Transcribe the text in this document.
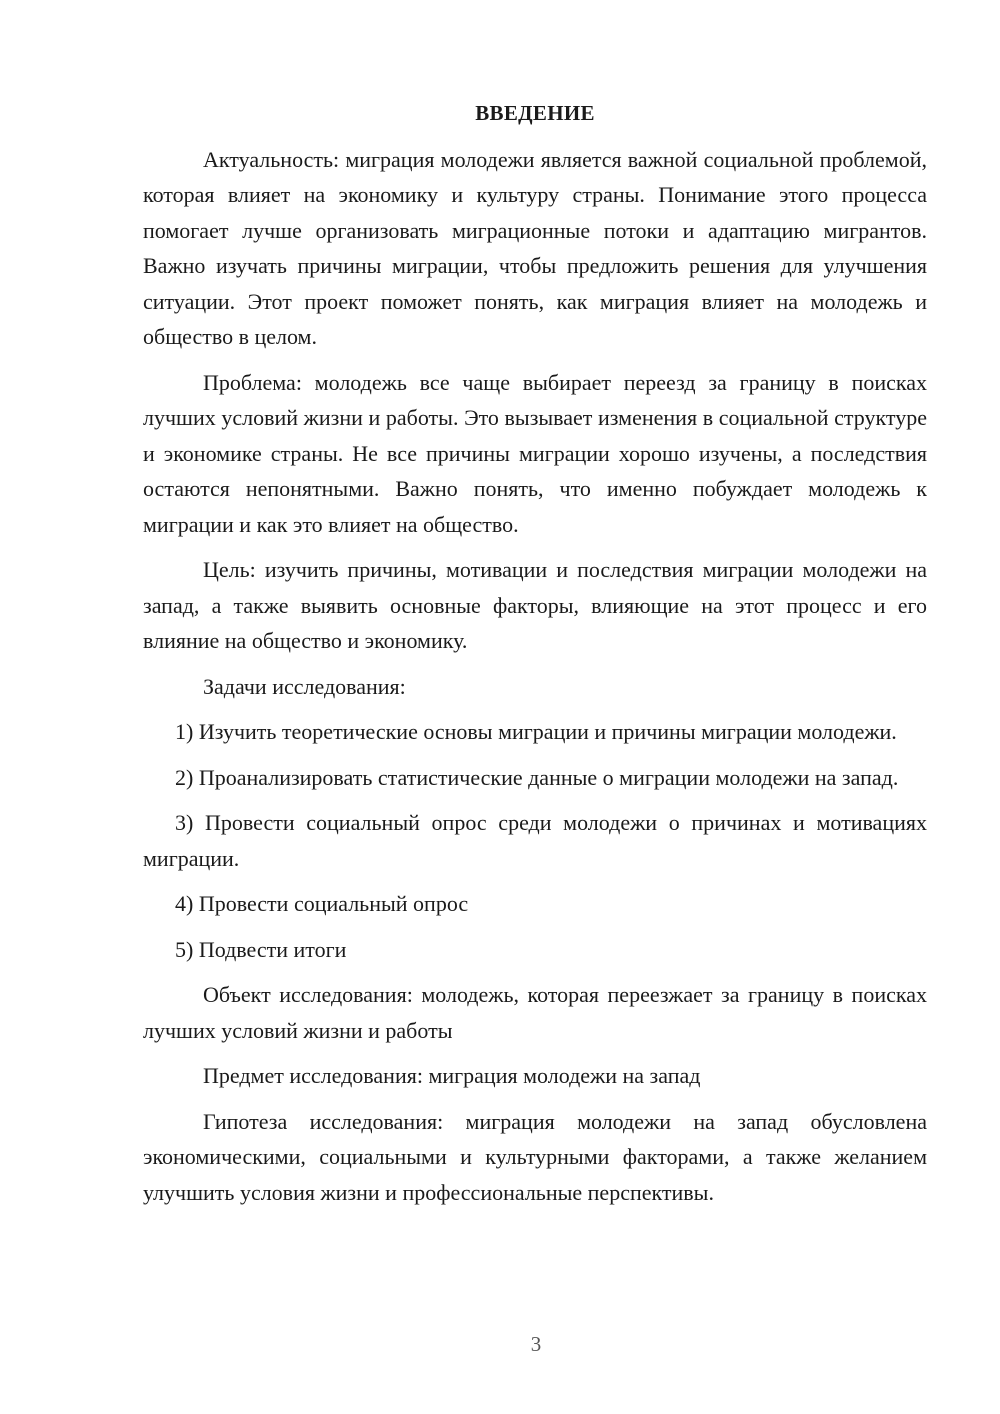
ВВЕДЕНИЕ

Актуальность: миграция молодежи является важной социальной проблемой, которая влияет на экономику и культуру страны. Понимание этого процесса помогает лучше организовать миграционные потоки и адаптацию мигрантов. Важно изучать причины миграции, чтобы предложить решения для улучшения ситуации. Этот проект поможет понять, как миграция влияет на молодежь и общество в целом.

Проблема: молодежь все чаще выбирает переезд за границу в поисках лучших условий жизни и работы. Это вызывает изменения в социальной структуре и экономике страны. Не все причины миграции хорошо изучены, а последствия остаются непонятными. Важно понять, что именно побуждает молодежь к миграции и как это влияет на общество.

Цель: изучить причины, мотивации и последствия миграции молодежи на запад, а также выявить основные факторы, влияющие на этот процесс и его влияние на общество и экономику.

Задачи исследования:

1) Изучить теоретические основы миграции и причины миграции молодежи.

2) Проанализировать статистические данные о миграции молодежи на запад.

3) Провести социальный опрос среди молодежи о причинах и мотивациях миграции.

4) Провести социальный опрос

5) Подвести итоги

Объект исследования: молодежь, которая переезжает за границу в поисках лучших условий жизни и работы

Предмет исследования: миграция молодежи на запад

Гипотеза исследования: миграция молодежи на запад обусловлена экономическими, социальными и культурными факторами, а также желанием улучшить условия жизни и профессиональные перспективы.

3
